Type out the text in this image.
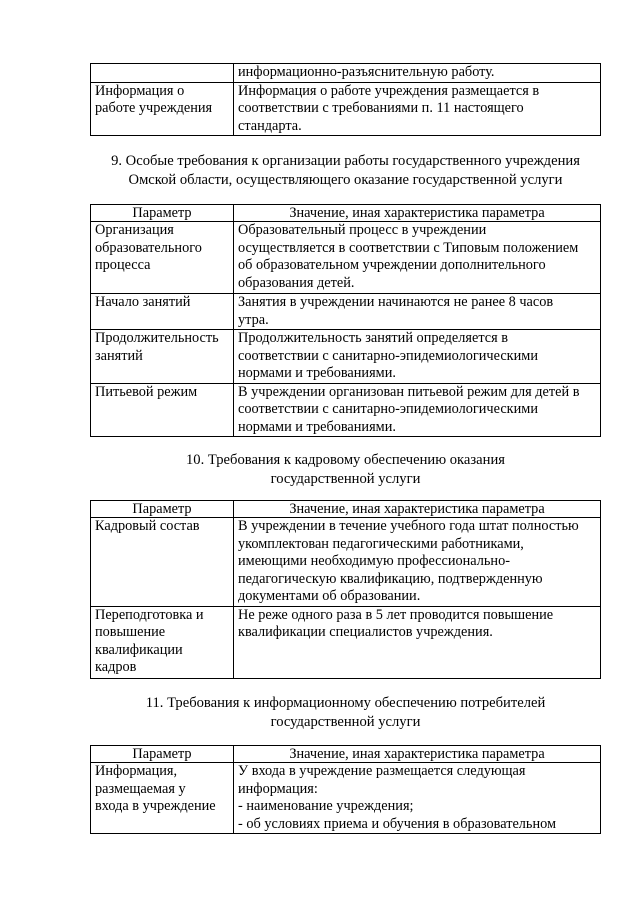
	информационно-разъяснительную работу.
Информация о
работе учреждения	Информация о работе учреждения размещается в
соответствии с требованиями п. 11 настоящего
стандарта.
9. Особые требования к организации работы государственного учреждения
Омской области, осуществляющего оказание государственной услуги
Параметр	Значение, иная характеристика параметра
Организация
образовательного
процесса	Образовательный процесс в учреждении
осуществляется в соответствии с Типовым положением
об образовательном учреждении дополнительного
образования детей.
Начало занятий	Занятия в учреждении начинаются не ранее 8 часов
утра.
Продолжительность
занятий	Продолжительность занятий определяется в
соответствии с санитарно-эпидемиологическими
нормами и требованиями.
Питьевой режим	В учреждении организован питьевой режим для детей в
соответствии с санитарно-эпидемиологическими
нормами и требованиями.
10. Требования к кадровому обеспечению оказания
государственной услуги
Параметр	Значение, иная характеристика параметра
Кадровый состав	В учреждении в течение учебного года штат полностью
укомплектован педагогическими работниками,
имеющими необходимую профессионально-
педагогическую квалификацию, подтвержденную
документами об образовании.
Переподготовка и
повышение
квалификации
кадров	Не реже одного раза в 5 лет проводится повышение
квалификации специалистов учреждения.
11. Требования к информационному обеспечению потребителей
государственной услуги
Параметр	Значение, иная характеристика параметра
Информация,
размещаемая у
входа в учреждение	У входа в учреждение размещается следующая
информация:
- наименование учреждения;
- об условиях приема и обучения в образовательном
